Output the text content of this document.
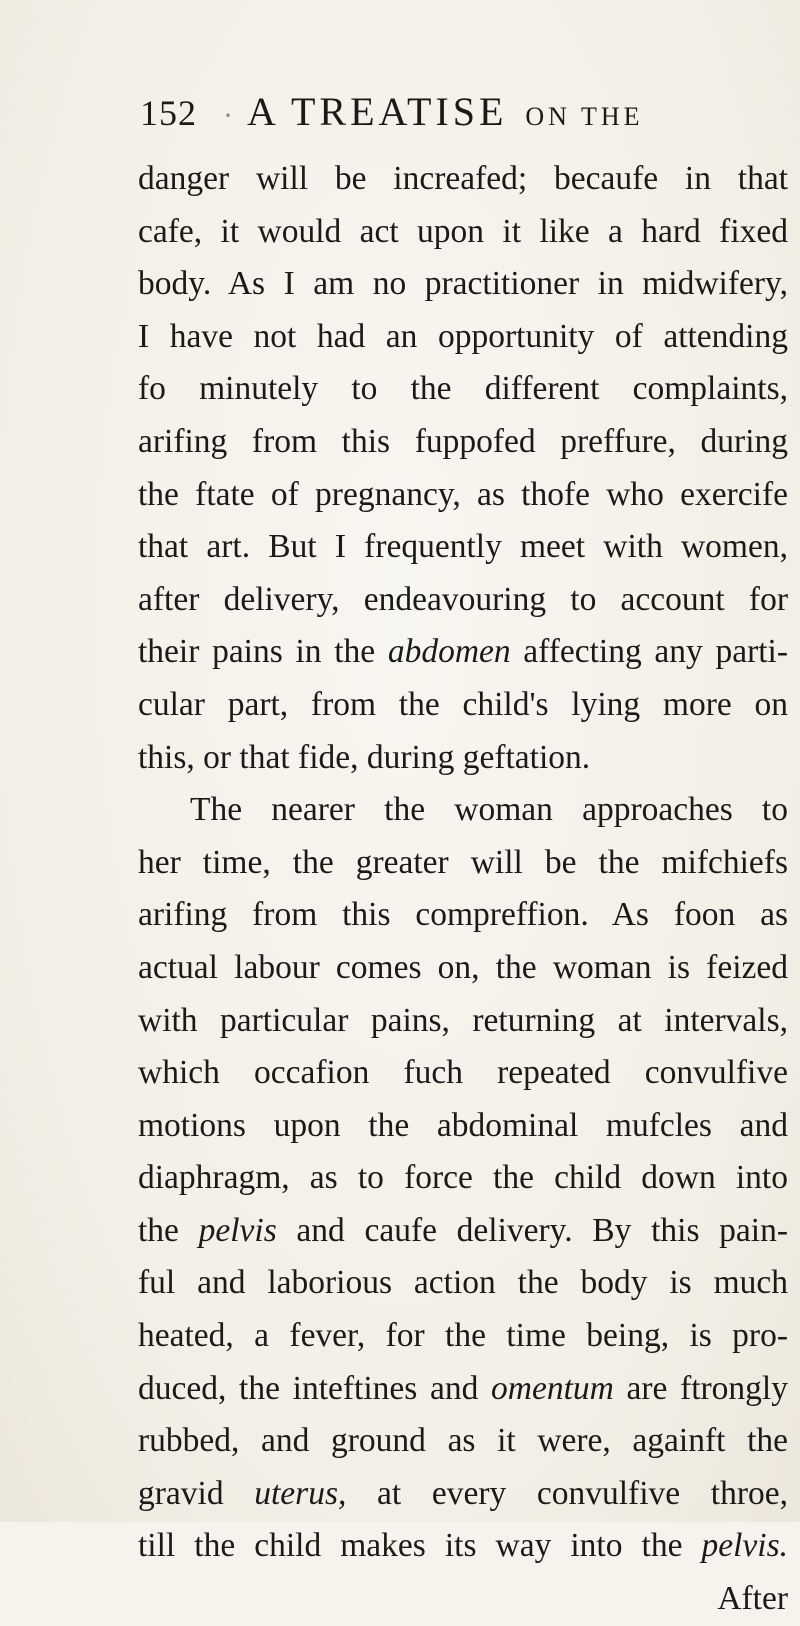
152 · A TREATISE ON THE
danger will be increafed; becaufe in that
cafe, it would act upon it like a hard fixed
body. As I am no practitioner in midwifery,
I have not had an opportunity of attending
fo minutely to the different complaints,
arifing from this fuppofed preffure, during
the ftate of pregnancy, as thofe who exercife
that art. But I frequently meet with women,
after delivery, endeavouring to account for
their pains in the abdomen affecting any parti-
cular part, from the child's lying more on
this, or that fide, during geftation.
The nearer the woman approaches to
her time, the greater will be the mifchiefs
arifing from this compreffion. As foon as
actual labour comes on, the woman is feized
with particular pains, returning at intervals,
which occafion fuch repeated convulfive
motions upon the abdominal mufcles and
diaphragm, as to force the child down into
the pelvis and caufe delivery. By this pain-
ful and laborious action the body is much
heated, a fever, for the time being, is pro-
duced, the inteftines and omentum are ftrongly
rubbed, and ground as it were, againft the
gravid uterus, at every convulfive throe,
till the child makes its way into the pelvis.
After
